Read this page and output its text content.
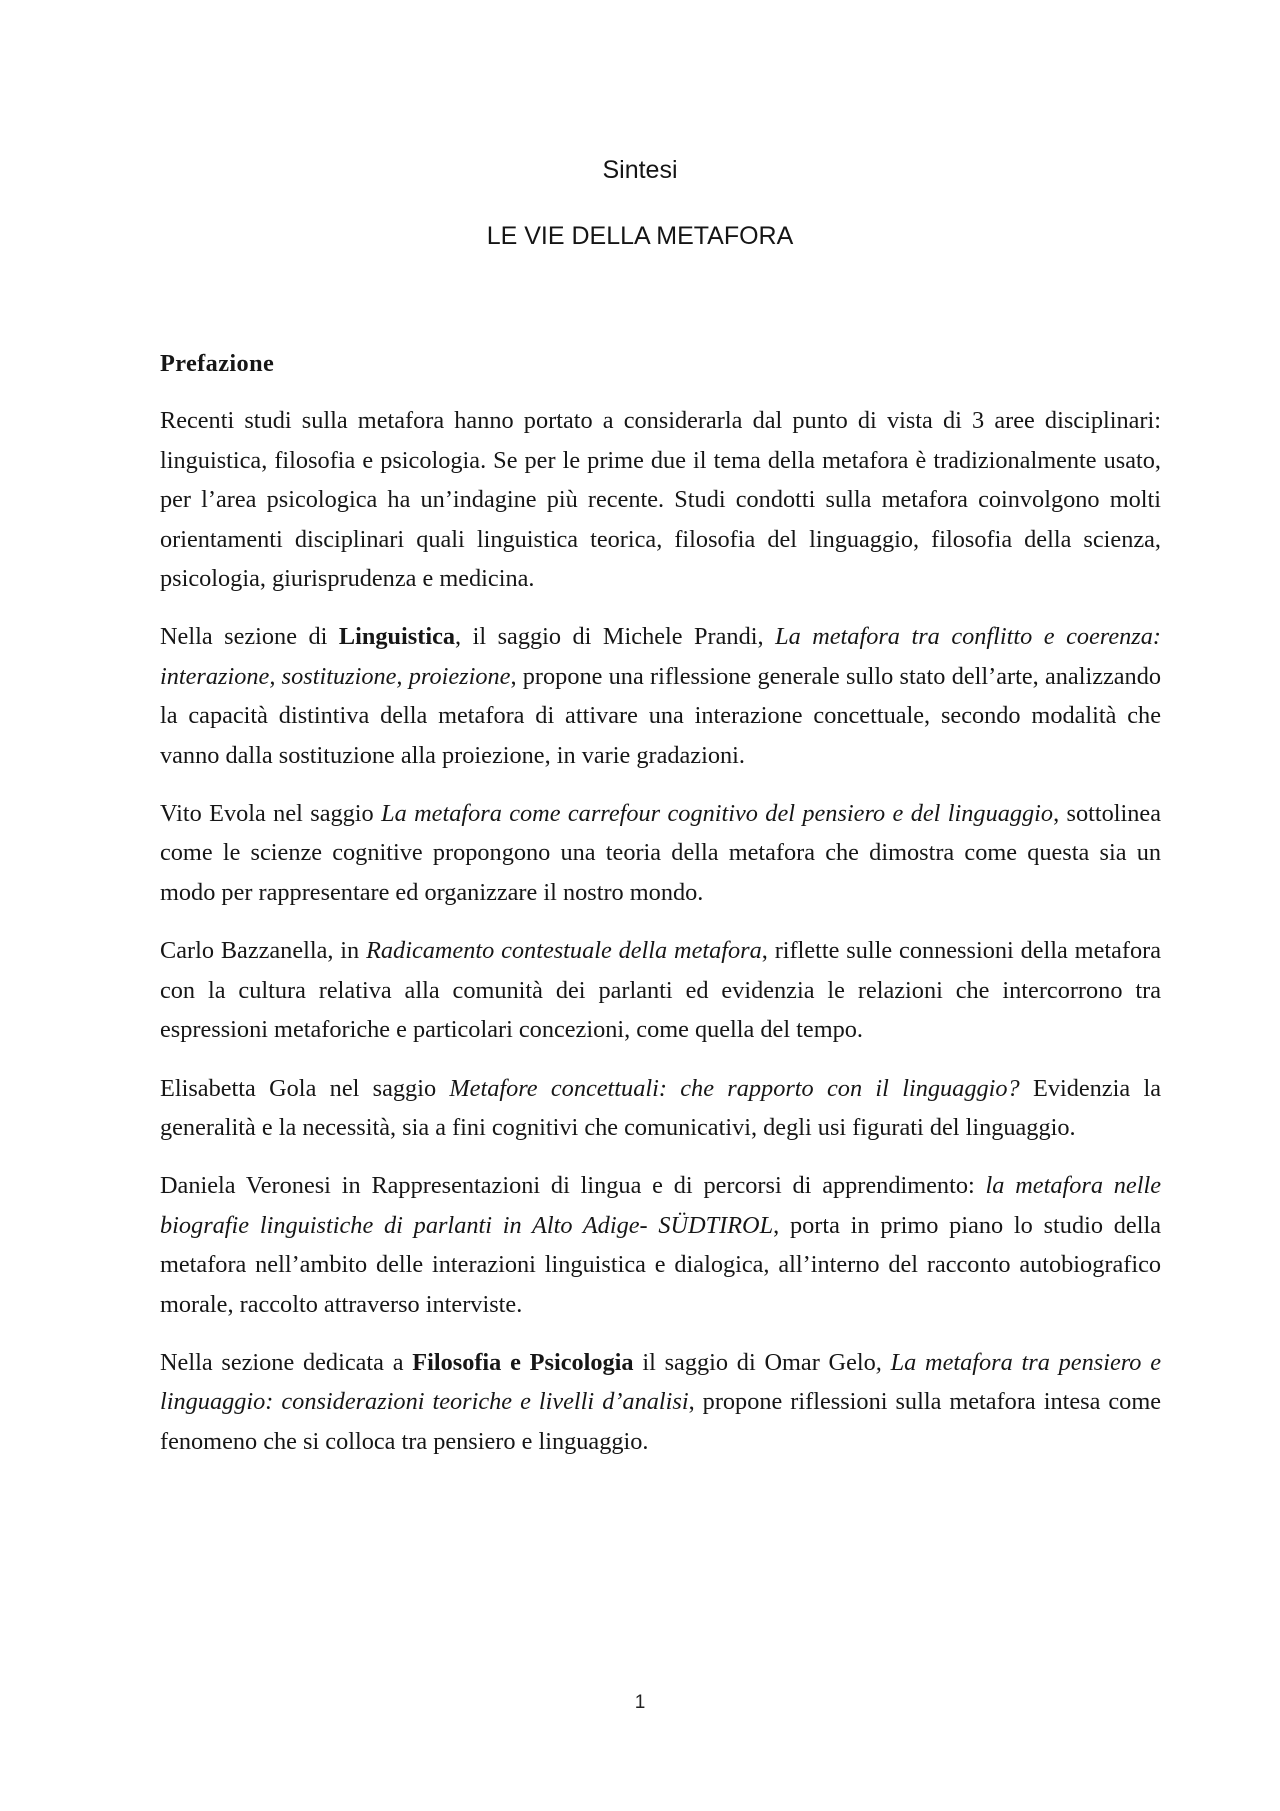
Sintesi
LE VIE DELLA METAFORA
Prefazione

Recenti studi sulla metafora hanno portato a considerarla dal punto di vista di 3 aree disciplinari: linguistica, filosofia e psicologia. Se per le prime due il tema della metafora è tradizionalmente usato, per l’area psicologica ha un’indagine più recente. Studi condotti sulla metafora coinvolgono molti orientamenti disciplinari quali linguistica teorica, filosofia del linguaggio, filosofia della scienza, psicologia, giurisprudenza e medicina.

Nella sezione di Linguistica, il saggio di Michele Prandi, La metafora tra conflitto e coerenza: interazione, sostituzione, proiezione, propone una riflessione generale sullo stato dell’arte, analizzando la capacità distintiva della metafora di attivare una interazione concettuale, secondo modalità che vanno dalla sostituzione alla proiezione, in varie gradazioni.

Vito Evola nel saggio La metafora come carrefour cognitivo del pensiero e del linguaggio, sottolinea come le scienze cognitive propongono una teoria della metafora che dimostra come questa sia un modo per rappresentare ed organizzare il nostro mondo.

Carlo Bazzanella, in Radicamento contestuale della metafora, riflette sulle connessioni della metafora con la cultura relativa alla comunità dei parlanti ed evidenzia le relazioni che intercorrono tra espressioni metaforiche e particolari concezioni, come quella del tempo.

Elisabetta Gola nel saggio Metafore concettuali: che rapporto con il linguaggio? Evidenzia la generalità e la necessità, sia a fini cognitivi che comunicativi, degli usi figurati del linguaggio.

Daniela Veronesi in Rappresentazioni di lingua e di percorsi di apprendimento: la metafora nelle biografie linguistiche di parlanti in Alto Adige- SÜDTIROL, porta in primo piano lo studio della metafora nell’ambito delle interazioni linguistica e dialogica, all’interno del racconto autobiografico morale, raccolto attraverso interviste.

Nella sezione dedicata a Filosofia e Psicologia il saggio di Omar Gelo, La metafora tra pensiero e linguaggio: considerazioni teoriche e livelli d’analisi, propone riflessioni sulla metafora intesa come fenomeno che si colloca tra pensiero e linguaggio.

1
